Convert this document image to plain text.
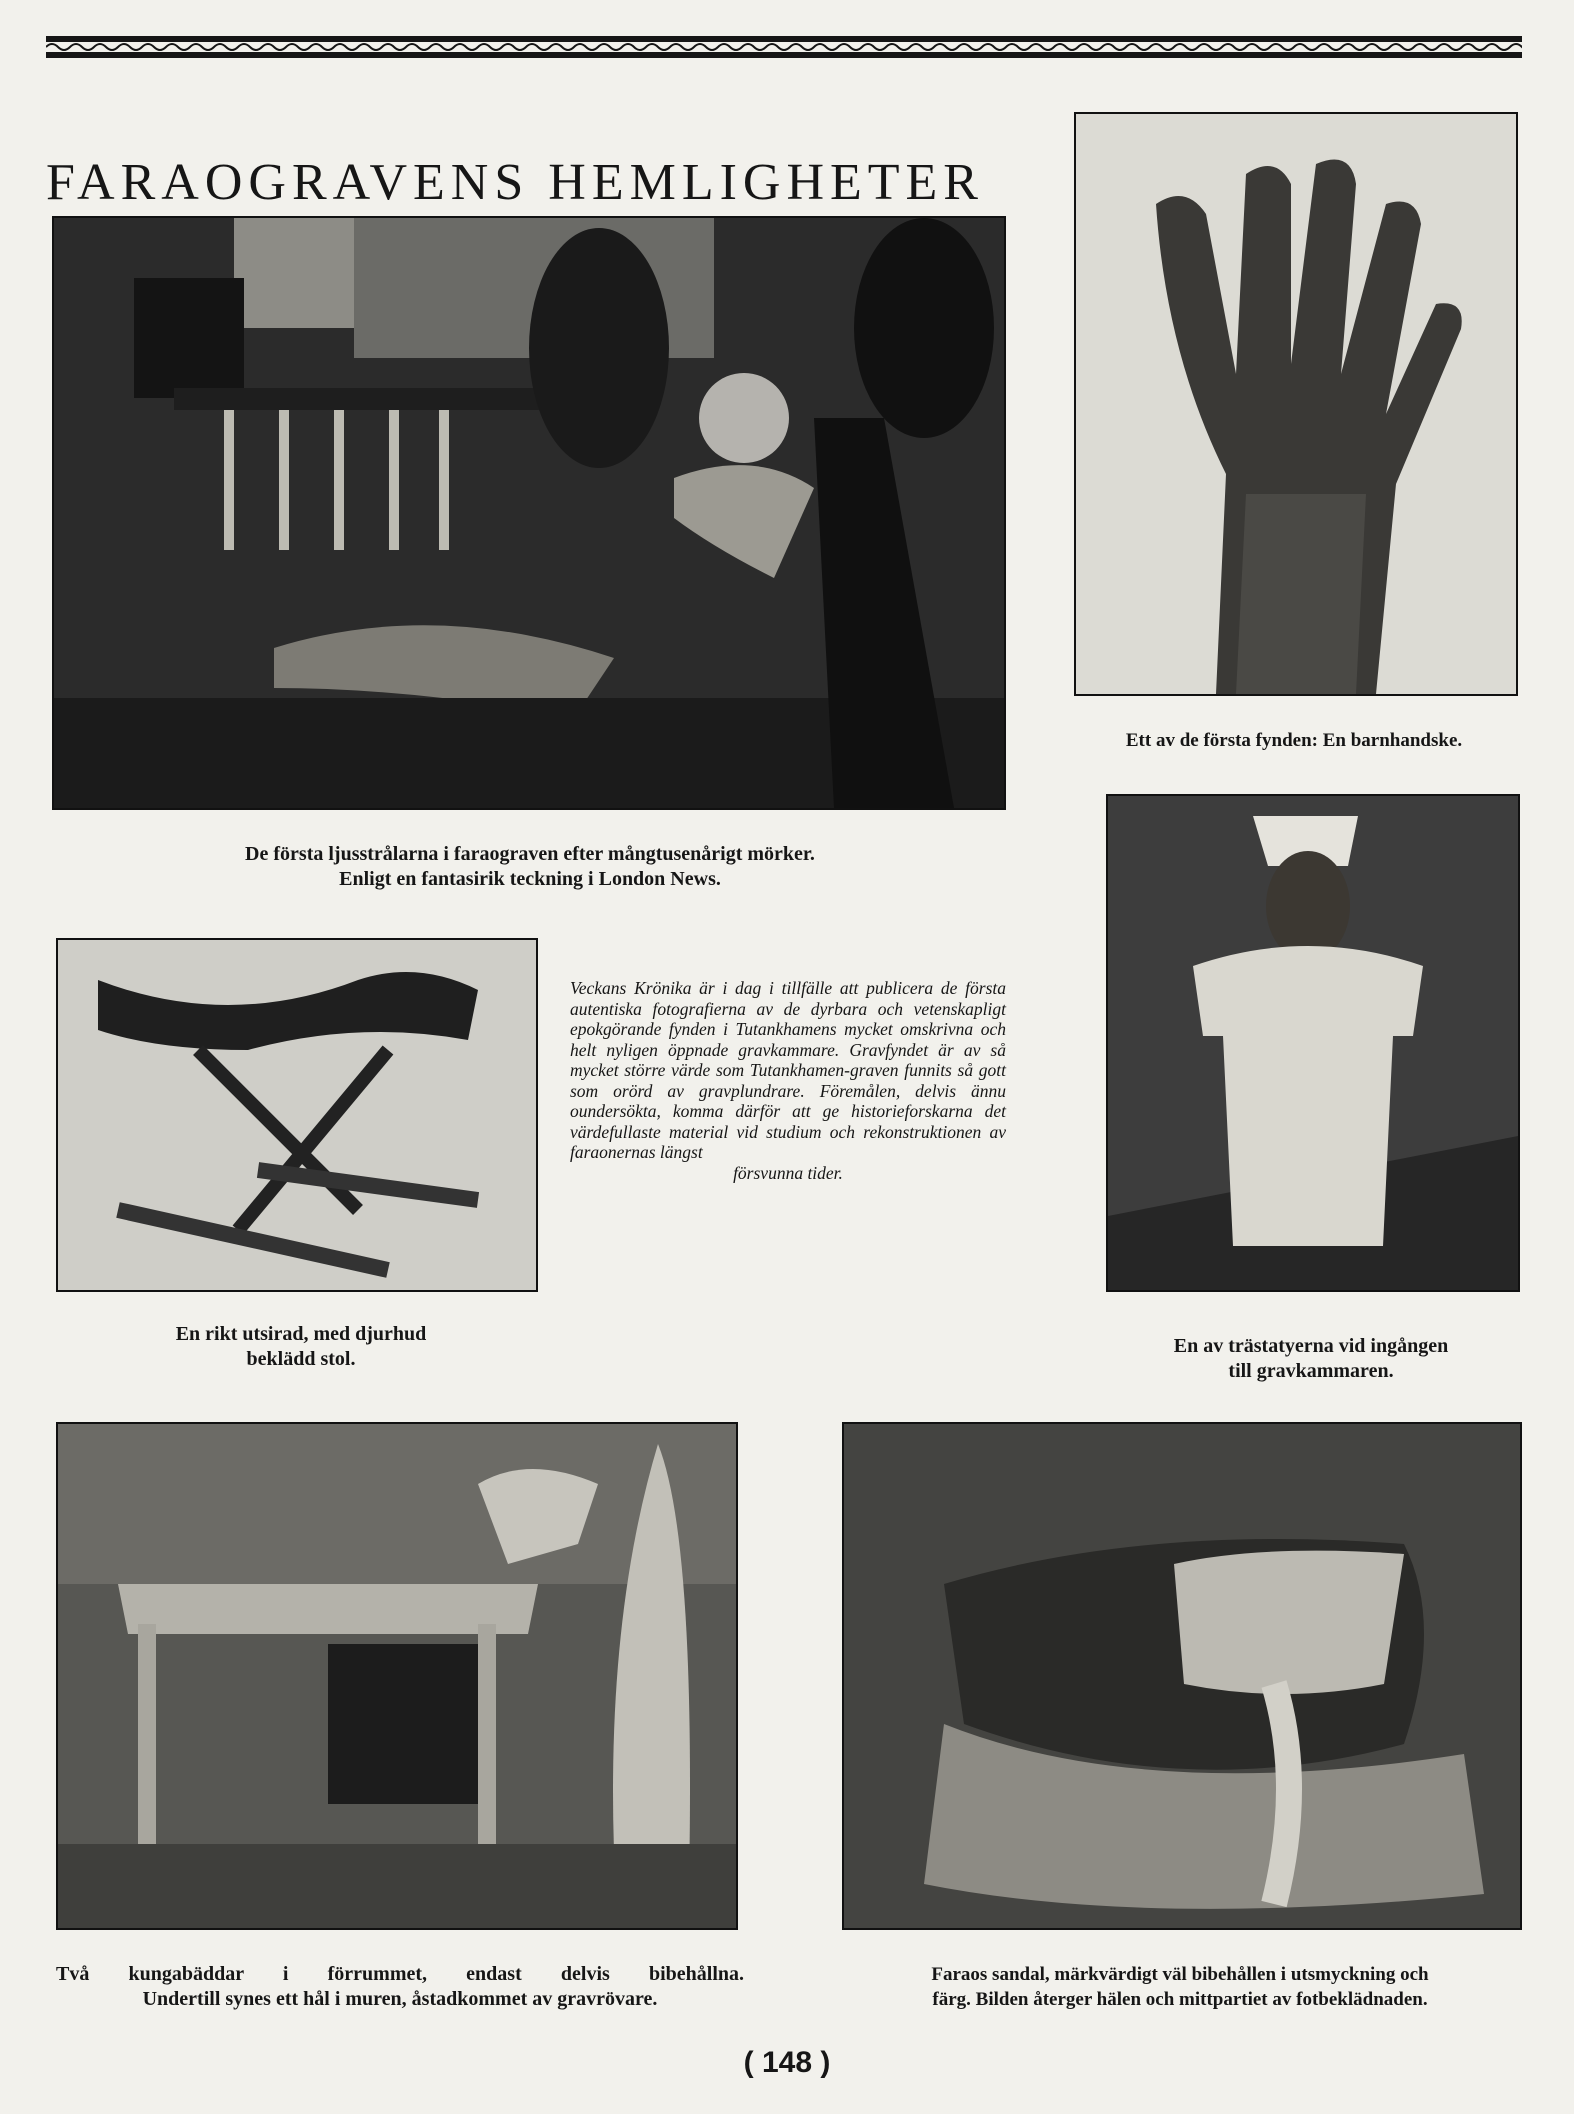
FARAOGRAVENS HEMLIGHETER
De första ljusstrålarna i faraograven efter mångtusenårigt mörker.
Enligt en fantasirik teckning i London News.
Ett av de första fynden: En barnhandske.
En rikt utsirad, med djurhud
beklädd stol.
En av trästatyerna vid ingången
till gravkammaren.
Två kungabäddar i förrummet, endast delvis bibehållna.
Undertill synes ett hål i muren, åstadkommet av gravrövare.
Faraos sandal, märkvärdigt väl bibehållen i utsmyckning och
färg. Bilden återger hälen och mittpartiet av fotbeklädnaden.
Veckans Krönika är i dag i tillfälle att publicera de första autentiska fotografierna av de dyrbara och vetenskapligt epokgörande fynden i Tutankhamens mycket omskrivna och helt nyligen öppnade gravkammare. Gravfyndet är av så mycket större värde som Tutankhamen-graven funnits så gott som orörd av gravplundrare. Föremålen, delvis ännu oundersökta, komma därför att ge historieforskarna det värdefullaste material vid studium och rekonstruktionen av faraonernas längst
försvunna tider.
( 148 )
